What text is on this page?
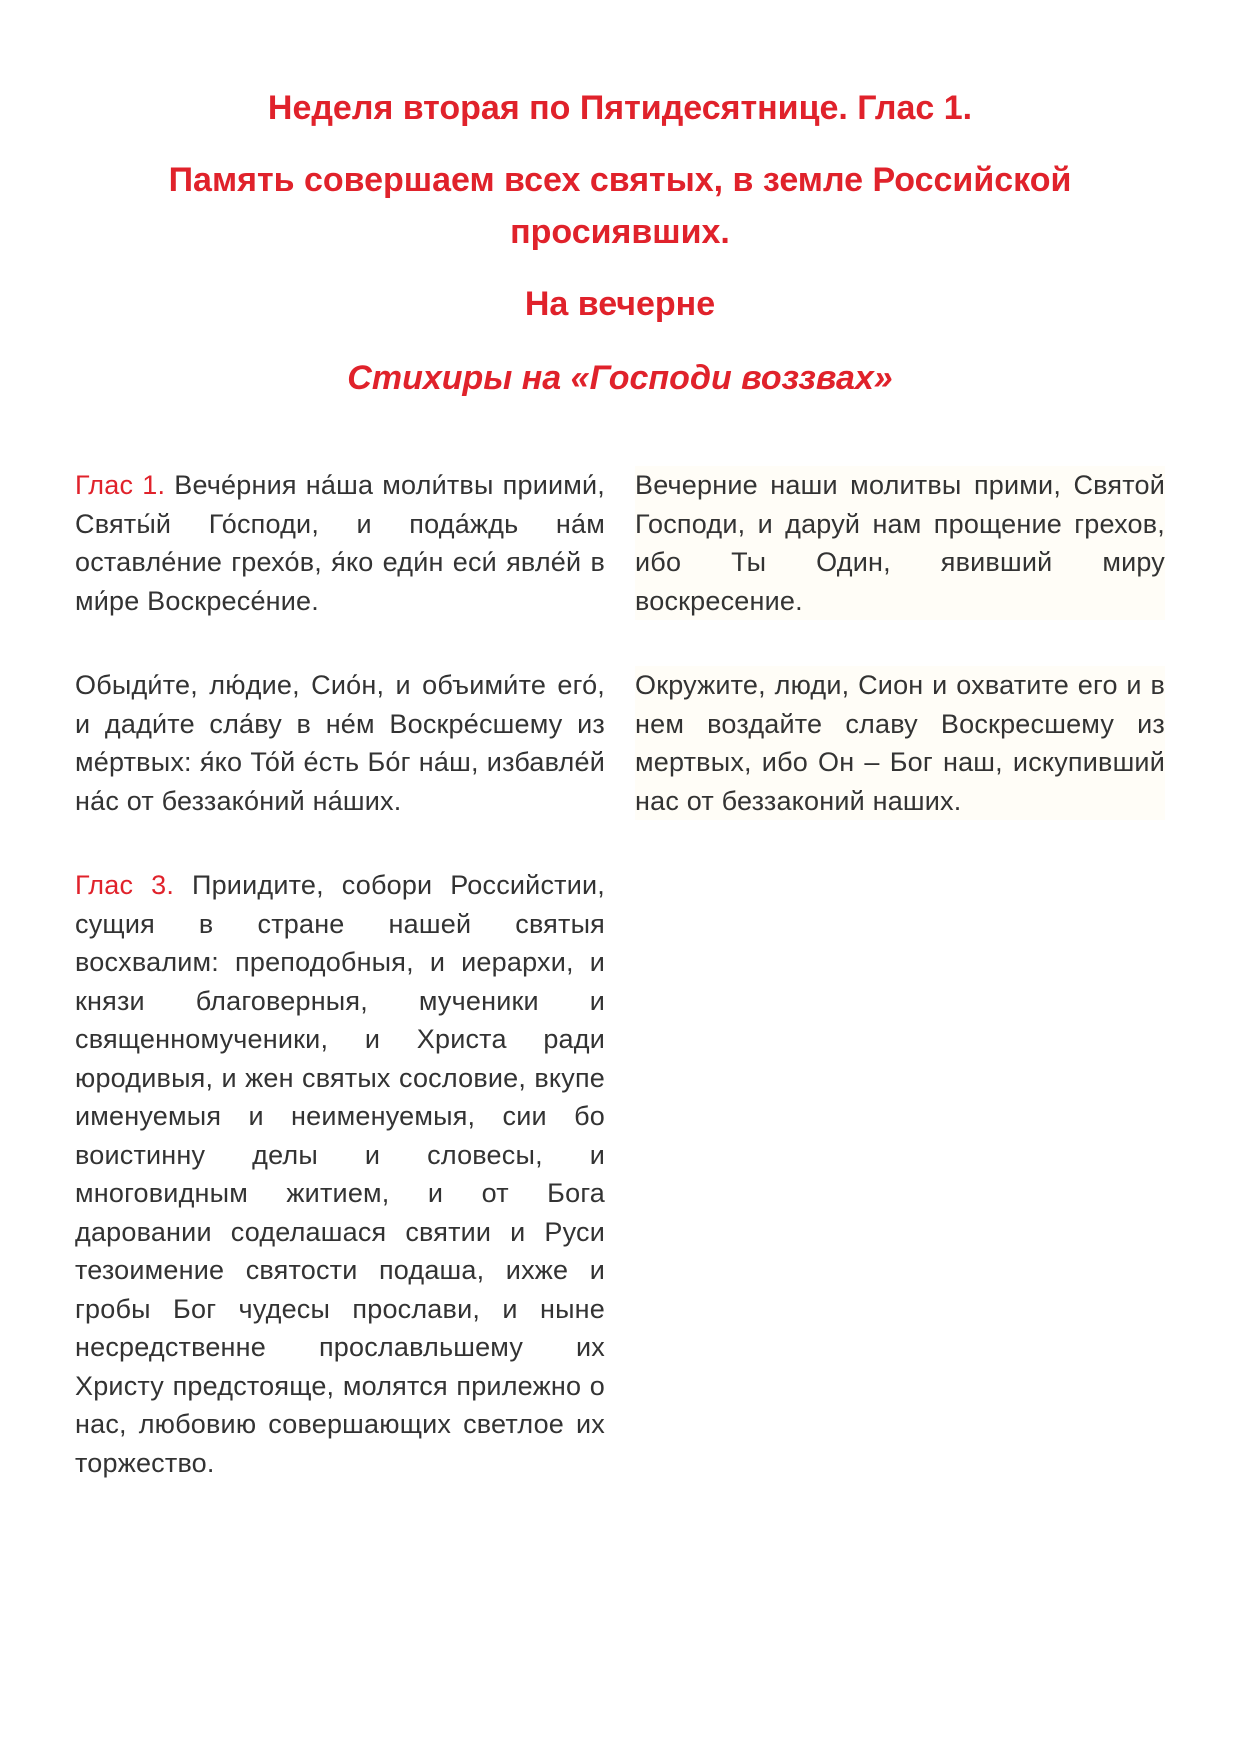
Неделя вторая по Пятидесятнице. Глас 1.

Память совершаем всех святых, в земле Российской просиявших.

На вечерне

Стихиры на «Господи воззвах»

Глас 1. Вече́рния на́ша моли́твы приими́, Святы́й Го́споди, и пода́ждь на́м оставле́ние грехо́в, я́ко еди́н еси́ явле́й в ми́ре Воскресе́ние.
Вечерние наши молитвы прими, Святой Господи, и даруй нам прощение грехов, ибо Ты Один, явивший миру воскресение.
Обыди́те, лю́дие, Сио́н, и объими́те его́, и дади́те сла́ву в не́м Воскре́сшему из ме́ртвых: я́ко То́й е́сть Бо́г на́ш, избавле́й на́с от беззако́ний на́ших.
Окружите, люди, Сион и охватите его и в нем воздайте славу Воскресшему из мертвых, ибо Он – Бог наш, искупивший нас от беззаконий наших.
Глас 3. Приидите, собори Российстии, сущия в стране нашей святыя восхвалим: преподобныя, и иерархи, и князи благоверныя, мученики и священномученики, и Христа ради юродивыя, и жен святых сословие, вкупе именуемыя и неименуемыя, сии бо воистинну делы и словесы, и многовидным житием, и от Бога даровании соделашася святии и Руси тезоимение святости подаша, ихже и гробы Бог чудесы прослави, и ныне несредственне прославльшему их Христу предстояще, молятся прилежно о нас, любовию совершающих светлое их торжество.
